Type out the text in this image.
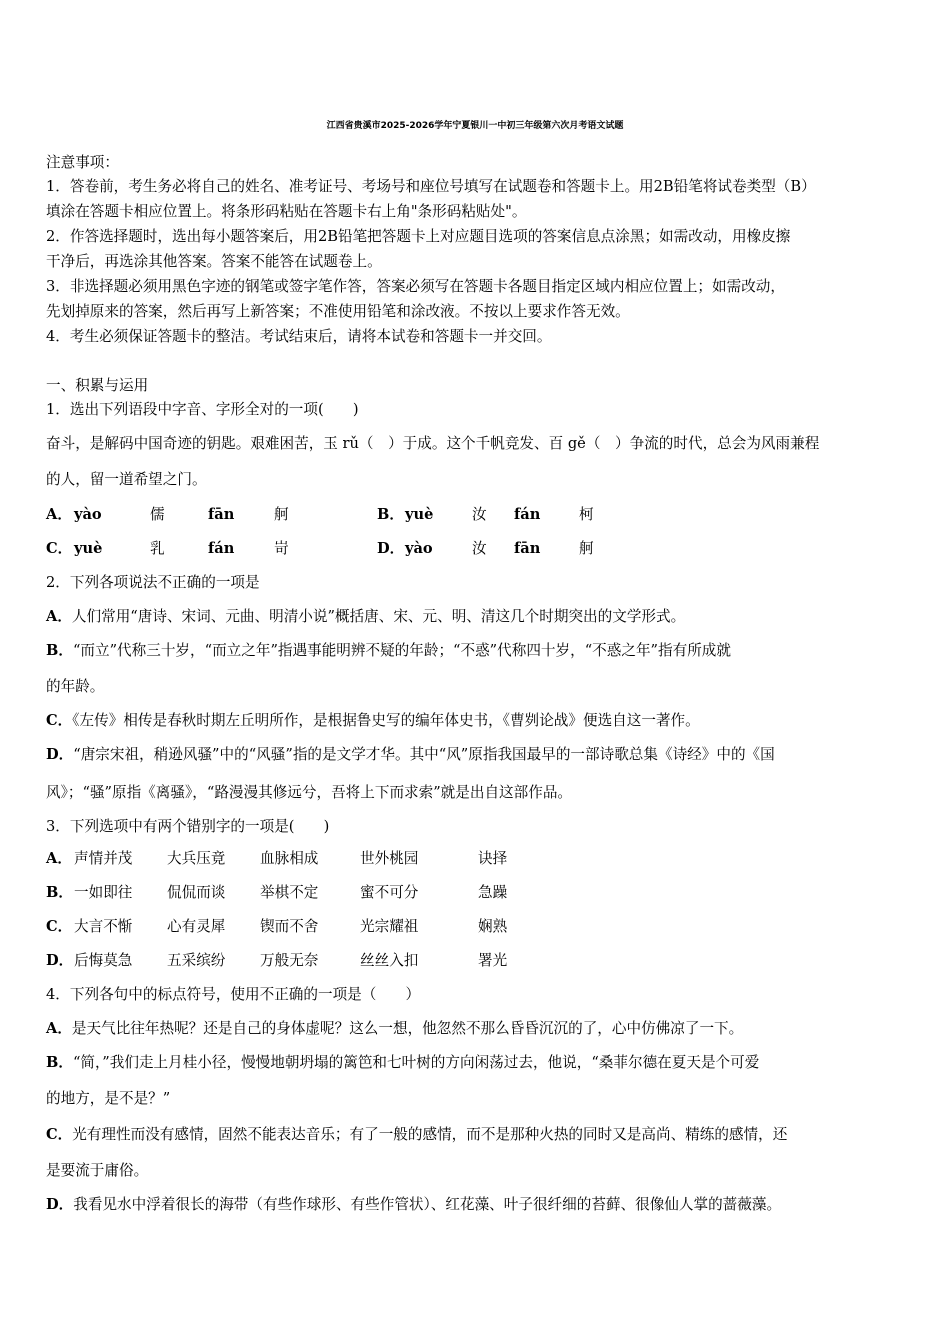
江西省贵溪市2025-2026学年宁夏银川一中初三年级第六次月考语文试题
注意事项：
1．答卷前，考生务必将自己的姓名、准考证号、考场号和座位号填写在试题卷和答题卡上。用2B铅笔将试卷类型（B）
填涂在答题卡相应位置上。将条形码粘贴在答题卡右上角"条形码粘贴处"。
2．作答选择题时，选出每小题答案后，用2B铅笔把答题卡上对应题目选项的答案信息点涂黑；如需改动，用橡皮擦
干净后，再选涂其他答案。答案不能答在试题卷上。
3．非选择题必须用黑色字迹的钢笔或签字笔作答，答案必须写在答题卡各题目指定区域内相应位置上；如需改动，
先划掉原来的答案，然后再写上新答案；不准使用铅笔和涂改液。不按以上要求作答无效。
4．考生必须保证答题卡的整洁。考试结束后，请将本试卷和答题卡一并交回。
一、积累与运用
1．选出下列语段中字音、字形全对的一项(　　)
奋斗，是解码中国奇迹的钥匙。艰难困苦，玉 rǔ（　）于成。这个千帆竞发、百 gě（　）争流的时代，总会为风雨兼程
的人，留一道希望之门。
A． yào	儒	fān	舸	B． yuè	汝 fán	柯
C． yuè	乳	fán	岢	D． yào	汝 fān	舸
2．下列各项说法不正确的一项是
A．人们常用“唐诗、宋词、元曲、明清小说”概括唐、宋、元、明、清这几个时期突出的文学形式。
B．“而立”代称三十岁，“而立之年”指遇事能明辨不疑的年龄；“不惑”代称四十岁，“不惑之年”指有所成就
的年龄。
C．《左传》相传是春秋时期左丘明所作，是根据鲁史写的编年体史书，《曹刿论战》便选自这一著作。
D．“唐宗宋祖，稍逊风骚”中的“风骚”指的是文学才华。其中“风”原指我国最早的一部诗歌总集《诗经》中的《国
风》；“骚”原指《离骚》，“路漫漫其修远兮，吾将上下而求索”就是出自这部作品。
3．下列选项中有两个错别字的一项是(　　)
A． 声情并茂 大兵压竟 血脉相成	世外桃园	诀择
B． 一如即往 侃侃而谈 举棋不定	蜜不可分	急躁
C． 大言不惭 心有灵犀 锲而不舍	光宗耀祖	娴熟
D． 后悔莫急 五采缤纷 万般无奈	丝丝入扣	署光
4．下列各句中的标点符号，使用不正确的一项是（　　）
A．是天气比往年热呢？还是自己的身体虚呢？这么一想，他忽然不那么昏昏沉沉的了，心中仿佛凉了一下。
B．“简，”我们走上月桂小径，慢慢地朝坍塌的篱笆和七叶树的方向闲荡过去，他说，“桑菲尔德在夏天是个可爱
的地方，是不是？”
C．光有理性而没有感情，固然不能表达音乐；有了一般的感情，而不是那种火热的同时又是高尚、精练的感情，还
是要流于庸俗。
D．我看见水中浮着很长的海带（有些作球形、有些作管状）、红花藻、叶子很纤细的苔藓、很像仙人掌的蔷薇藻。
